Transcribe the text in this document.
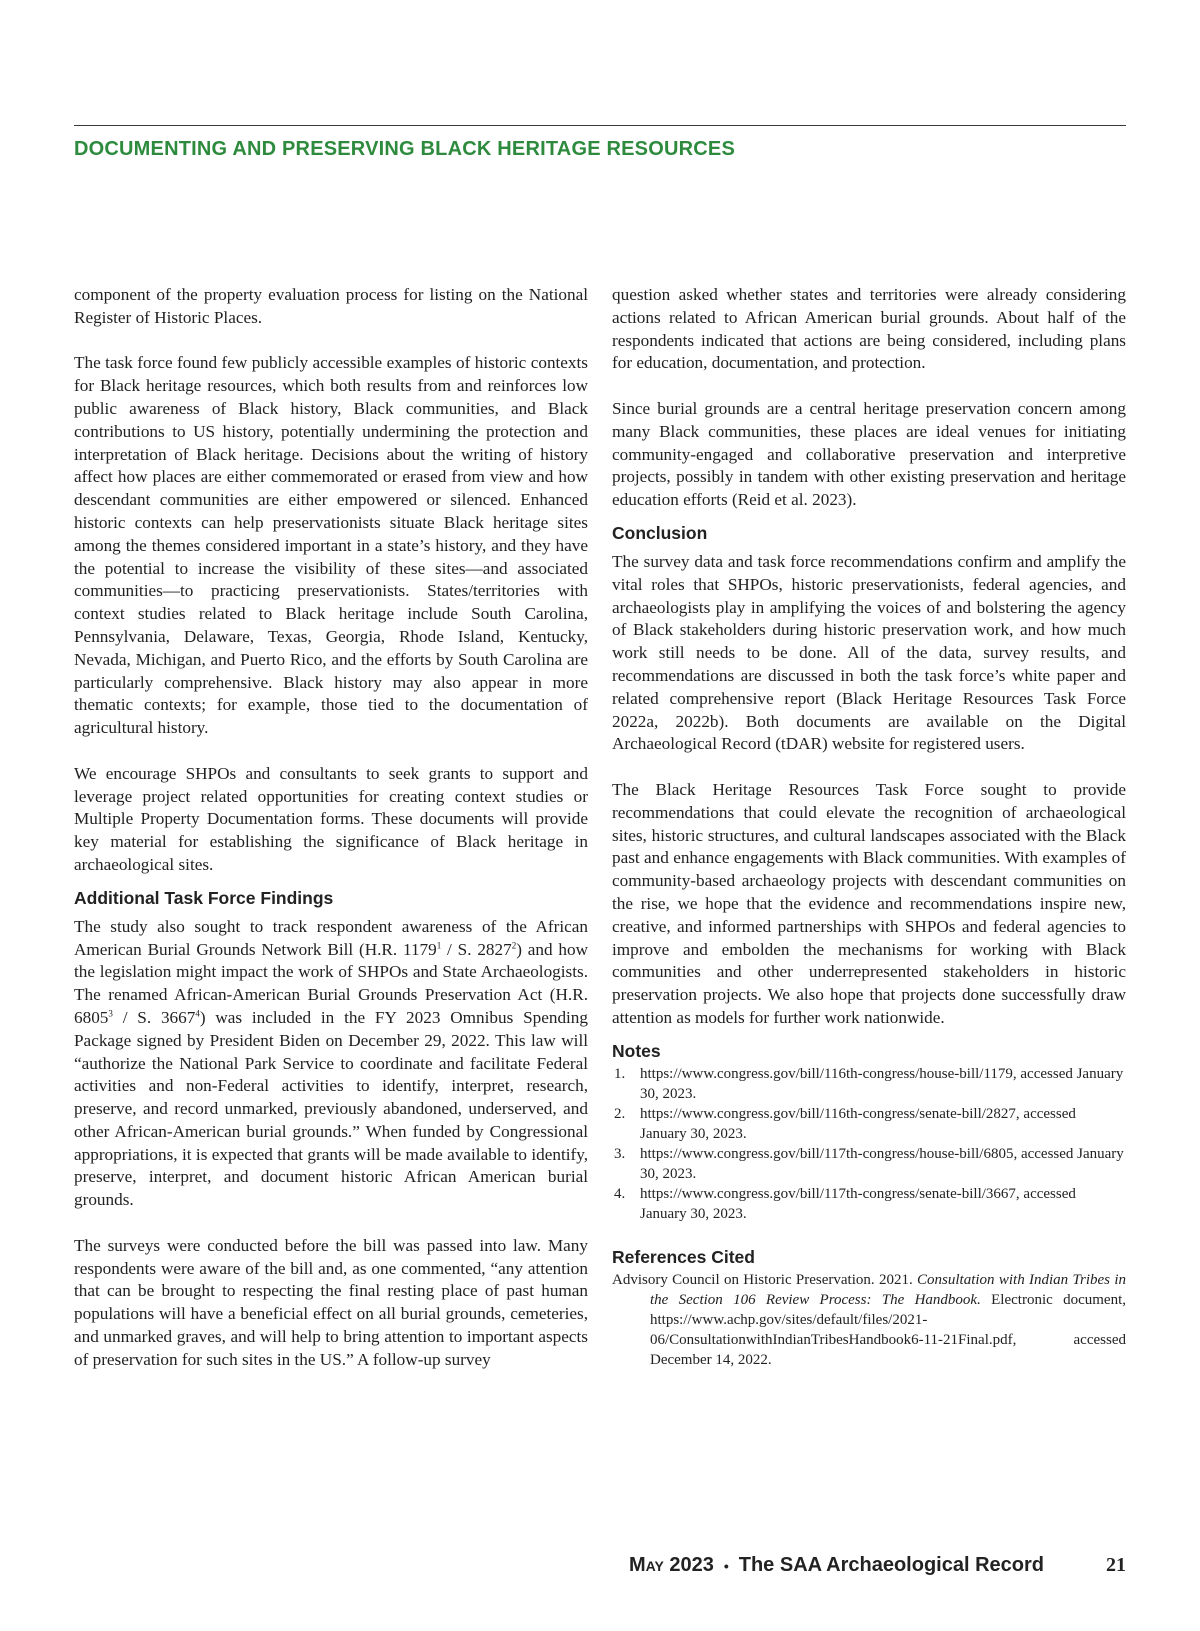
DOCUMENTING AND PRESERVING BLACK HERITAGE RESOURCES

component of the property evaluation process for listing on the National Register of Historic Places.

The task force found few publicly accessible examples of historic contexts for Black heritage resources, which both results from and reinforces low public awareness of Black history, Black communities, and Black contributions to US history, potentially undermining the protection and interpretation of Black heritage. Decisions about the writing of history affect how places are either commemorated or erased from view and how descendant communities are either empowered or silenced. Enhanced historic contexts can help preservationists situate Black heritage sites among the themes considered important in a state’s history, and they have the potential to increase the visibility of these sites—and associated communities—to practicing preservationists. States/territories with context studies related to Black heritage include South Carolina, Pennsylvania, Delaware, Texas, Georgia, Rhode Island, Kentucky, Nevada, Michigan, and Puerto Rico, and the efforts by South Carolina are particularly comprehensive. Black history may also appear in more thematic contexts; for example, those tied to the documentation of agricultural history.

We encourage SHPOs and consultants to seek grants to support and leverage project related opportunities for creating context studies or Multiple Property Documentation forms. These documents will provide key material for establishing the significance of Black heritage in archaeological sites.

Additional Task Force Findings

The study also sought to track respondent awareness of the African American Burial Grounds Network Bill (H.R. 1179$^1$ / S. 2827$^2$) and how the legislation might impact the work of SHPOs and State Archaeologists. The renamed African-American Burial Grounds Preservation Act (H.R. 6805$^3$ / S. 3667$^4$) was included in the FY 2023 Omnibus Spending Package signed by President Biden on December 29, 2022. This law will “authorize the National Park Service to coordinate and facilitate Federal activities and non-Federal activities to identify, interpret, research, preserve, and record unmarked, previously abandoned, underserved, and other African-American burial grounds.” When funded by Congressional appropriations, it is expected that grants will be made available to identify, preserve, interpret, and document historic African American burial grounds.

The surveys were conducted before the bill was passed into law. Many respondents were aware of the bill and, as one commented, “any attention that can be brought to respecting the final resting place of past human populations will have a beneficial effect on all burial grounds, cemeteries, and unmarked graves, and will help to bring attention to important aspects of preservation for such sites in the US.” A follow-up survey

question asked whether states and territories were already considering actions related to African American burial grounds. About half of the respondents indicated that actions are being considered, including plans for education, documentation, and protection.

Since burial grounds are a central heritage preservation concern among many Black communities, these places are ideal venues for initiating community-engaged and collaborative preservation and interpretive projects, possibly in tandem with other existing preservation and heritage education efforts (Reid et al. 2023).

Conclusion

The survey data and task force recommendations confirm and amplify the vital roles that SHPOs, historic preservationists, federal agencies, and archaeologists play in amplifying the voices of and bolstering the agency of Black stakeholders during historic preservation work, and how much work still needs to be done. All of the data, survey results, and recommendations are discussed in both the task force’s white paper and related comprehensive report (Black Heritage Resources Task Force 2022a, 2022b). Both documents are available on the Digital Archaeological Record (tDAR) website for registered users.

The Black Heritage Resources Task Force sought to provide recommendations that could elevate the recognition of archaeological sites, historic structures, and cultural landscapes associated with the Black past and enhance engagements with Black communities. With examples of community-based archaeology projects with descendant communities on the rise, we hope that the evidence and recommendations inspire new, creative, and informed partnerships with SHPOs and federal agencies to improve and embolden the mechanisms for working with Black communities and other underrepresented stakeholders in historic preservation projects. We also hope that projects done successfully draw attention as models for further work nationwide.

Notes
1. https://www.congress.gov/bill/116th-congress/house-bill/1179, accessed January 30, 2023.
2. https://www.congress.gov/bill/116th-congress/senate-bill/2827, accessed January 30, 2023.
3. https://www.congress.gov/bill/117th-congress/house-bill/6805, accessed January 30, 2023.
4. https://www.congress.gov/bill/117th-congress/senate-bill/3667, accessed January 30, 2023.
References Cited

Advisory Council on Historic Preservation. 2021. Consultation with Indian Tribes in the Section 106 Review Process: The Handbook. Electronic document, https://www.achp.gov/sites/default/files/2021-06/ConsultationwithIndianTribesHandbook6-11-21Final.pdf, accessed December 14, 2022.

May 2023 • The SAA Archaeological Record	21
